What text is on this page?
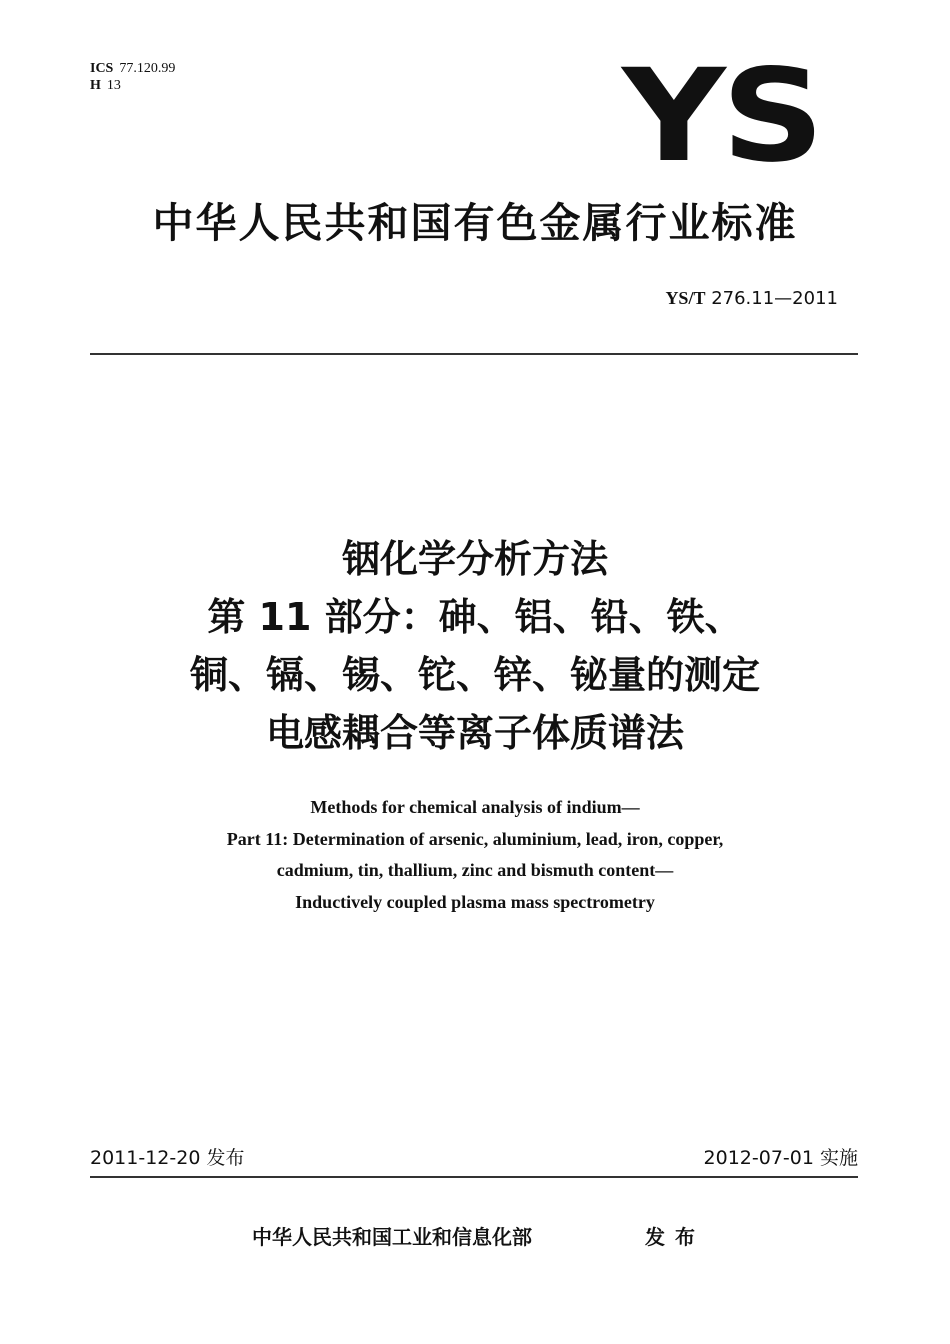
ICS 77.120.99
H 13	YS
中华人民共和国有色金属行业标准
YS/T 276.11—2011
铟化学分析方法
第 11 部分：砷、铝、铅、铁、
铜、镉、锡、铊、锌、铋量的测定
电感耦合等离子体质谱法
Methods for chemical analysis of indium—
Part 11: Determination of arsenic, aluminium, lead, iron, copper,
cadmium, tin, thallium, zinc and bismuth content—
Inductively coupled plasma mass spectrometry
2011-12-20 发布	2012-07-01 实施
中华人民共和国工业和信息化部	发布
